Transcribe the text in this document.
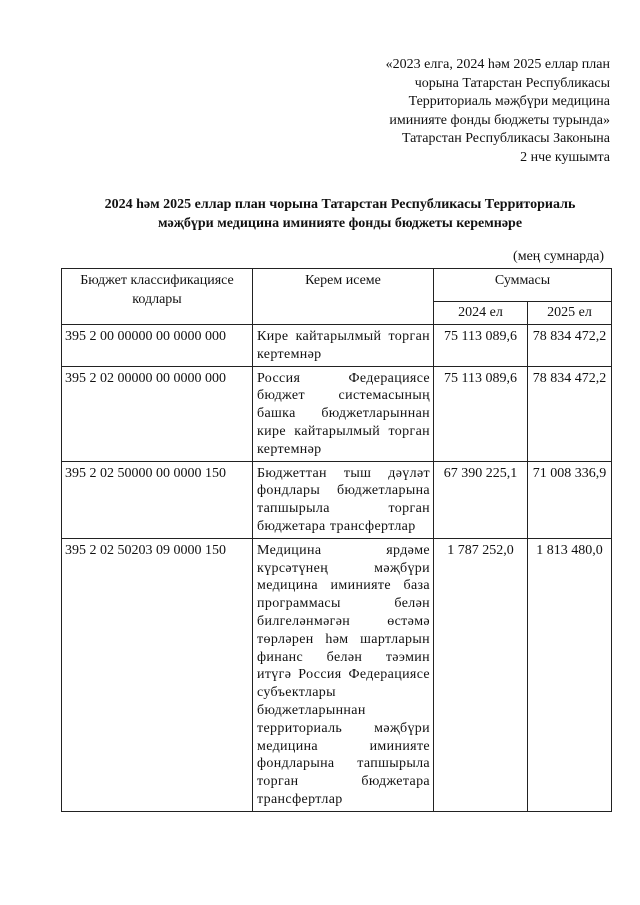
«2023 елга, 2024 һәм 2025 еллар план
чорына Татарстан Республикасы
Территориаль мәҗбүри медицина
иминияте фонды бюджеты турында»
Татарстан Республикасы Законына
2 нче кушымта
2024 һәм 2025 еллар план чорына Татарстан Республикасы Территориаль
мәҗбүри медицина иминияте фонды бюджеты керемнәре
(мең сумнарда)
Бюджет классификациясе кодлары	Керем исеме	Суммасы	
		2024 ел	2025 ел
395 2 00 00000 00 0000 000	Кире кайтарылмый торган кертемнәр	75 113 089,6	78 834 472,2
395 2 02 00000 00 0000 000	Россия Федерациясе бюджет системасының башка бюджетларыннан кире кайтарылмый торган кертемнәр	75 113 089,6	78 834 472,2
395 2 02 50000 00 0000 150	Бюджеттан тыш дәүләт фондлары бюджетларына тапшырыла торган бюджетара трансфертлар	67 390 225,1	71 008 336,9
395 2 02 50203 09 0000 150	Медицина ярдәме күрсәтүнең мәҗбүри медицина иминияте база программасы белән билгеләнмәгән өстәмә төрләрен һәм шартларын финанс белән тәэмин итүгә Россия Федерациясе субъектлары бюджетларыннан территориаль мәҗбүри медицина иминияте фондларына тапшырыла торган бюджетара трансфертлар	1 787 252,0	1 813 480,0
